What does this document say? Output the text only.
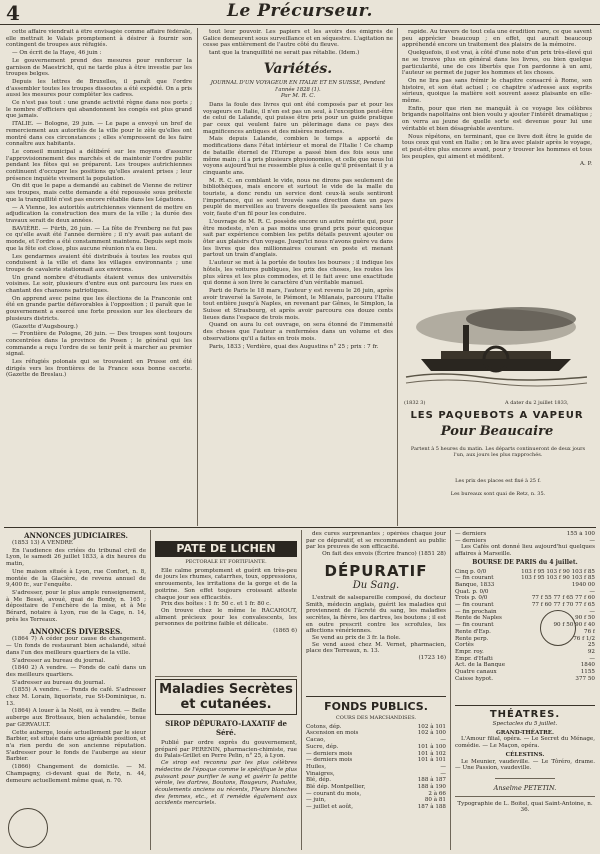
4	Le Précurseur.

cette affaire viendrait à être envisagée comme affaire fédérale, elle mettrait le Valais promptement à désirer à fournir son contingent de troupes aux réfugiés.

— On écrit de la Haye, 46 juin :

Le gouvernement prend des mesures pour renforcer la garnison de Maestricht, qui ne tarde plus à être investie par les troupes belges.

Depuis les lettres de Bruxelles, il paraît que l'ordre d'assembler toutes les troupes dissoutes a été expédié. On a pris aussi les mesures pour compléter les cadres.

Ce n'est pas tout : une grande activité règne dans nos ports ; le nombre d'officiers qui abandonnent les congés est plus grand que jamais.

ITALIE. — Bologne, 29 juin. — Le pape a envoyé un bref de remerciement aux autorités de la ville pour le zèle qu'elles ont montré dans ces circonstances ; elles s'empressent de les faire connaître aux habitants.

Le conseil municipal a délibéré sur les moyens d'assurer l'approvisionnement des marchés et de maintenir l'ordre public pendant les fêtes qui se préparent. Les troupes autrichiennes continuent d'occuper les positions qu'elles avaient prises ; leur présence inquiète vivement la population.

On dit que le pape a demandé au cabinet de Vienne de retirer ses troupes, mais cette demande a été repoussée sous prétexte que la tranquillité n'est pas encore rétablie dans les Légations.

— A Vienne, les autorités autrichiennes viennent de mettre en adjudication la construction des murs de la ville ; la durée des travaux serait de deux années.

BAVIÈRE. — Fürth, 26 juin. — La fête de Frenberg ne fut pas ce qu'elle avait été l'année dernière ; il n'y avait pas autant de monde, et l'ordre a été constamment maintenu. Depuis sept mois que la fête est close, plus aucune réunion n'a eu lieu.

Les gendarmes avaient été distribués à toutes les routes qui conduisent à la ville et dans les villages environnants ; une troupe de cavalerie stationnait aux environs.

Un grand nombre d'étudiants étaient venus des universités voisines. Le soir, plusieurs d'entre eux ont parcouru les rues en chantant des chansons patriotiques.

On apprend avec peine que les élections de la Franconie ont été en grande partie défavorables à l'opposition ; il paraît que le gouvernement a exercé une forte pression sur les électeurs de plusieurs districts.

(Gazette d'Augsbourg.)

— Frontière de Pologne, 26 juin. — Des troupes sont toujours concentrées dans la province de Posen ; le général qui les commande a reçu l'ordre de se tenir prêt à marcher au premier signal.

Les réfugiés polonais qui se trouvaient en Prusse ont été dirigés vers les frontières de la France sous bonne escorte. (Gazette de Breslau.)

tout leur pouvoir. Les papiers et les avoirs des émigrés de Galice demeurent sous surveillance et en séquestre. L'agitation ne cesse pas entièrement de l'autre côté du fleuve.

tant que la tranquillité ne serait pas rétablie. (Idem.)

Variétés.
JOURNAL D'UN VOYAGEUR EN ITALIE ET EN SUISSE, Pendant l'année 1828 (1).
Par M. R. C.

Dans la foule des livres qui ont été composés par et pour les voyageurs en Italie, il n'en est pas un seul, à l'exception peut-être de celui de Lalande, qui puisse être pris pour un guide pratique par ceux qui veulent faire un pèlerinage dans ce pays des magnificences antiques et des misères modernes.

Mais depuis Lalande, combien le temps a apporté de modifications dans l'état intérieur et moral de l'Italie ! Ce champ de bataille éternel de l'Europe a passé bien des fois sous une même main ; il a pris plusieurs physionomies, et celle que nous lui voyons aujourd'hui ne ressemble plus à celle qu'il présentait il y a cinquante ans.

M. R. C. en comblant le vide, nous ne dirons pas seulement de bibliothèques, mais encore et surtout le vide de la malle du touriste, a donc rendu un service dont ceux-là seuls sentiront l'importance, qui se sont trouvés sans direction dans un pays peuplé de merveilles au travers desquelles ils passaient sans les voir, faute d'un fil pour les conduire.

L'ouvrage de M. R. C. possède encore un autre mérite qui, pour être modeste, n'en a pas moins une grand prix pour quiconque sait par expérience combien les petits détails peuvent ajouter ou ôter aux plaisirs d'un voyage. Jusqu'ici nous n'avons guère vu dans les livres que des millionnaires courant en poste et menant partout un train d'anglais.

L'auteur se met à la portée de toutes les bourses ; il indique les hôtels, les voitures publiques, les prix des choses, les routes les plus sûres et les plus commodes, et il le fait avec une exactitude qui donne à son livre le caractère d'un véritable manuel.

Parti de Paris le 18 mars, l'auteur y est revenu le 26 juin, après avoir traversé la Savoie, le Piémont, le Milanais, parcouru l'Italie tout entière jusqu'à Naples, en revenant par Gênes, le Simplon, la Suisse et Strasbourg, et après avoir parcouru ces douze cents lieues dans l'espace de trois mois.

Quand on aura lu cet ouvrage, on sera étonné de l'immensité des choses que l'auteur a renfermées dans un volume et des observations qu'il a faites en trois mois.

Paris, 1833 ; Verdière, quai des Augustins n° 25 ; prix : 7 fr.

rapide. Au travers de tout cela une érudition rare, ce que savent peu apprécier beaucoup ; en effet, qui aurait beaucoup appréhendé encore un traitement des plaisirs de la mémoire.

Quelquefois, il est vrai, à côté d'une note d'un prix très-élevé qui ne se trouve plus en général dans les livres, ou bien quelque particularité, une de ces libertés que l'on pardonne à un ami, l'auteur se permet de juger les hommes et les choses.

On ne lira pas sans frémir le chapitre consacré à Rome, son histoire, et son état actuel ; ce chapitre s'adresse aux esprits sérieux, quoique la matière soit souvent assez plaisante en elle-même.

Enfin, pour que rien ne manquât à ce voyage les célèbres brigands napolitains ont bien voulu y ajouter l'intérêt dramatique ; on verra au jeune de quelle sorte est devenue pour lui une véritable et bien désagréable aventure.

Nous répétons, en terminant, que ce livre doit être le guide de tous ceux qui vont en Italie ; on le lira avec plaisir après le voyage, et peut-être plus encore avant, pour y trouver les hommes et tous les peuples, qui aiment et méditent.

A. P.
(1832 3)	A dater du 2 juillet 1833,
LES PAQUEBOTS A VAPEUR
Pour Beaucaire
Partent à 5 heures du matin. Les départs continueront de deux jours l'un, aux jours les plus rapprochés.
Les prix des places est fixé à 25 f.
Les bureaux sont quai de Retz, n. 35.
ANNONCES JUDICIAIRES.

(1853 13) A VENDRE

En l'audience des criées du tribunal civil de Lyon, le samedi 26 juillet 1833, à dix heures du matin,

Une maison située à Lyon, rue Confort, n. 8, montée de la Glacière, de revenu annuel de 9,400 fr., sur l'enquête.

S'adresser, pour le plus ample renseignement, à Me Bessé, avoué, quai de Bondy, n. 165 ; dépositaire de l'enchère de la mise, et à Me Bérard, notaire à Lyon, rue de la Cage, n. 14, près les Terreaux.

ANNONCES DIVERSES.

(1864 7) A céder pour cause de changement. — Un fonds de restaurant bien achalandé, situé dans l'un des meilleurs quartiers de la ville.

S'adresser au bureau du journal.

(1840 2) A vendre. — Fonds de café dans un des meilleurs quartiers.

S'adresser au bureau du journal.

(1855) A vendre. — Fonds de café. S'adresser chez M. Lorain, liquoriste, rue St-Dominique, n. 13.

(1864) A louer à la Noël, ou à vendre. — Belle auberge aux Brotteaux, bien achalandée, tenue par GERVAULT.

Cette auberge, louée actuellement par le sieur Barbier, est située dans une agréable position, et n'a rien perdu de son ancienne réputation. S'adresser pour le fonds de l'auberge au sieur Barbier.

(1866) Changement de domicile. — M. Champagny, ci-devant quai de Retz, n. 44, demeure actuellement même quai, n. 70.

PATE DE LICHEN
PECTORALE ET FORTIFIANTE.

Elle calme promptement et guérit en très-peu de jours les rhumes, catarrhes, toux, oppressions, enrouements, les irritations de la gorge et de la poitrine. Son effet toujours croissant atteste chaque jour ses efficacités.

Prix des boîtes : 1 fr. 50 c. et 1 fr. 80 c.

On trouve chez le même le RACAHOUT, aliment précieux pour les convalescents, les personnes de poitrine faible et délicate.

(1865 6)
Maladies Secrètes et cutanées.
SIROP DÉPURATO-LAXATIF de Séré.

Publié par ordre exprès du gouvernement, préparé par PERENIN, pharmacien-chimiste, rue du Palais-Grillet en Perre Pelin, n° 25, à Lyon.

Ce sirop est reconnu par les plus célèbres médecins de l'époque comme le spécifique le plus puissant pour purifier le sang et guérir la petite vérole, les dartres, Boutons, Rougeurs, Pustules, écoulements anciens ou récents, Fleurs blanches des femmes, etc., et il remédie également aux accidents mercuriels.

des cures surprenantes ; opérées chaque jour par ce dépuratif, et se recommandent au public par les preuves de son efficacité.

On fait des envois (Écrire franco) (1851 28)
DÉPURATIF
Du Sang.

L'extrait de salsepareille composé, du docteur Smith, médecin anglais, guérit les maladies qui proviennent de l'âcreté du sang, les maladies secrètes, la fièvre, les dartres, les boutons ; il est en outre prescrit contre les scrofules, les affections vénériennes.

Se vend au prix de 3 fr. la fiole.

Se vend aussi chez M. Vernet, pharmacien, place des Terreaux, n. 13.

(1723 16)
FONDS PUBLICS.
COURS DES MARCHANDISES.
Cotons, dép.	102 à 101
Ascension en mois	102 à 100
Cacao,	—
Sucre, dép.	101 à 100
— derniers mois	101 à 102
— derniers mois	101 à 101
Huiles,	—
Vinaigres,	—
Blé, dép.	188 à 187
Blé dép. Montpellier,	188 à 190
— courant du mois,	2 à 66
— juin,	80 à 81
— juillet et août,	187 à 188
— derniers	155 à 100
— derniers	—

Les Cafés ont donné lieu aujourd'hui quelques affaires à Marseille.

BOURSE DE PARIS du 4 juillet.
Cinq p. 0/0	103 f 95 103 f 90 103 f 85
— fin courant	103 f 95 103 f 90 103 f 85
Banque, 1833	1940 00
Quat. p. 0/0	—
Trois p. 0/0	77 f 55 77 f 65 77 f 60
— fin courant	77 f 60 77 f 70 77 f 65
— fin prochain	—
Rente de Naples	90 f 50
— fin courant	90 f 50 90 f 40
Rente d'Esp.	76 f
Rente perp.	76 f 1/2
Cortès	25
Empr. roy.	92
Empr. d'Haïti	—
Act. de la Banque	1840
Quatre canaux	1155
Caisse hypot.	377 50
THÉATRES.
Spectacles du 5 juillet.
GRAND-THÉATRE.

L'Amour filial, opéra. — Le Secret du Ménage, comédie. — Le Maçon, opéra.

CÉLESTINS.

Le Meunier, vaudeville. — Le Tôréro, drame. — Une Passion, vaudeville.

Anselme PETETIN.
Typographie de L. Boitel, quai Saint-Antoine, n. 36.
